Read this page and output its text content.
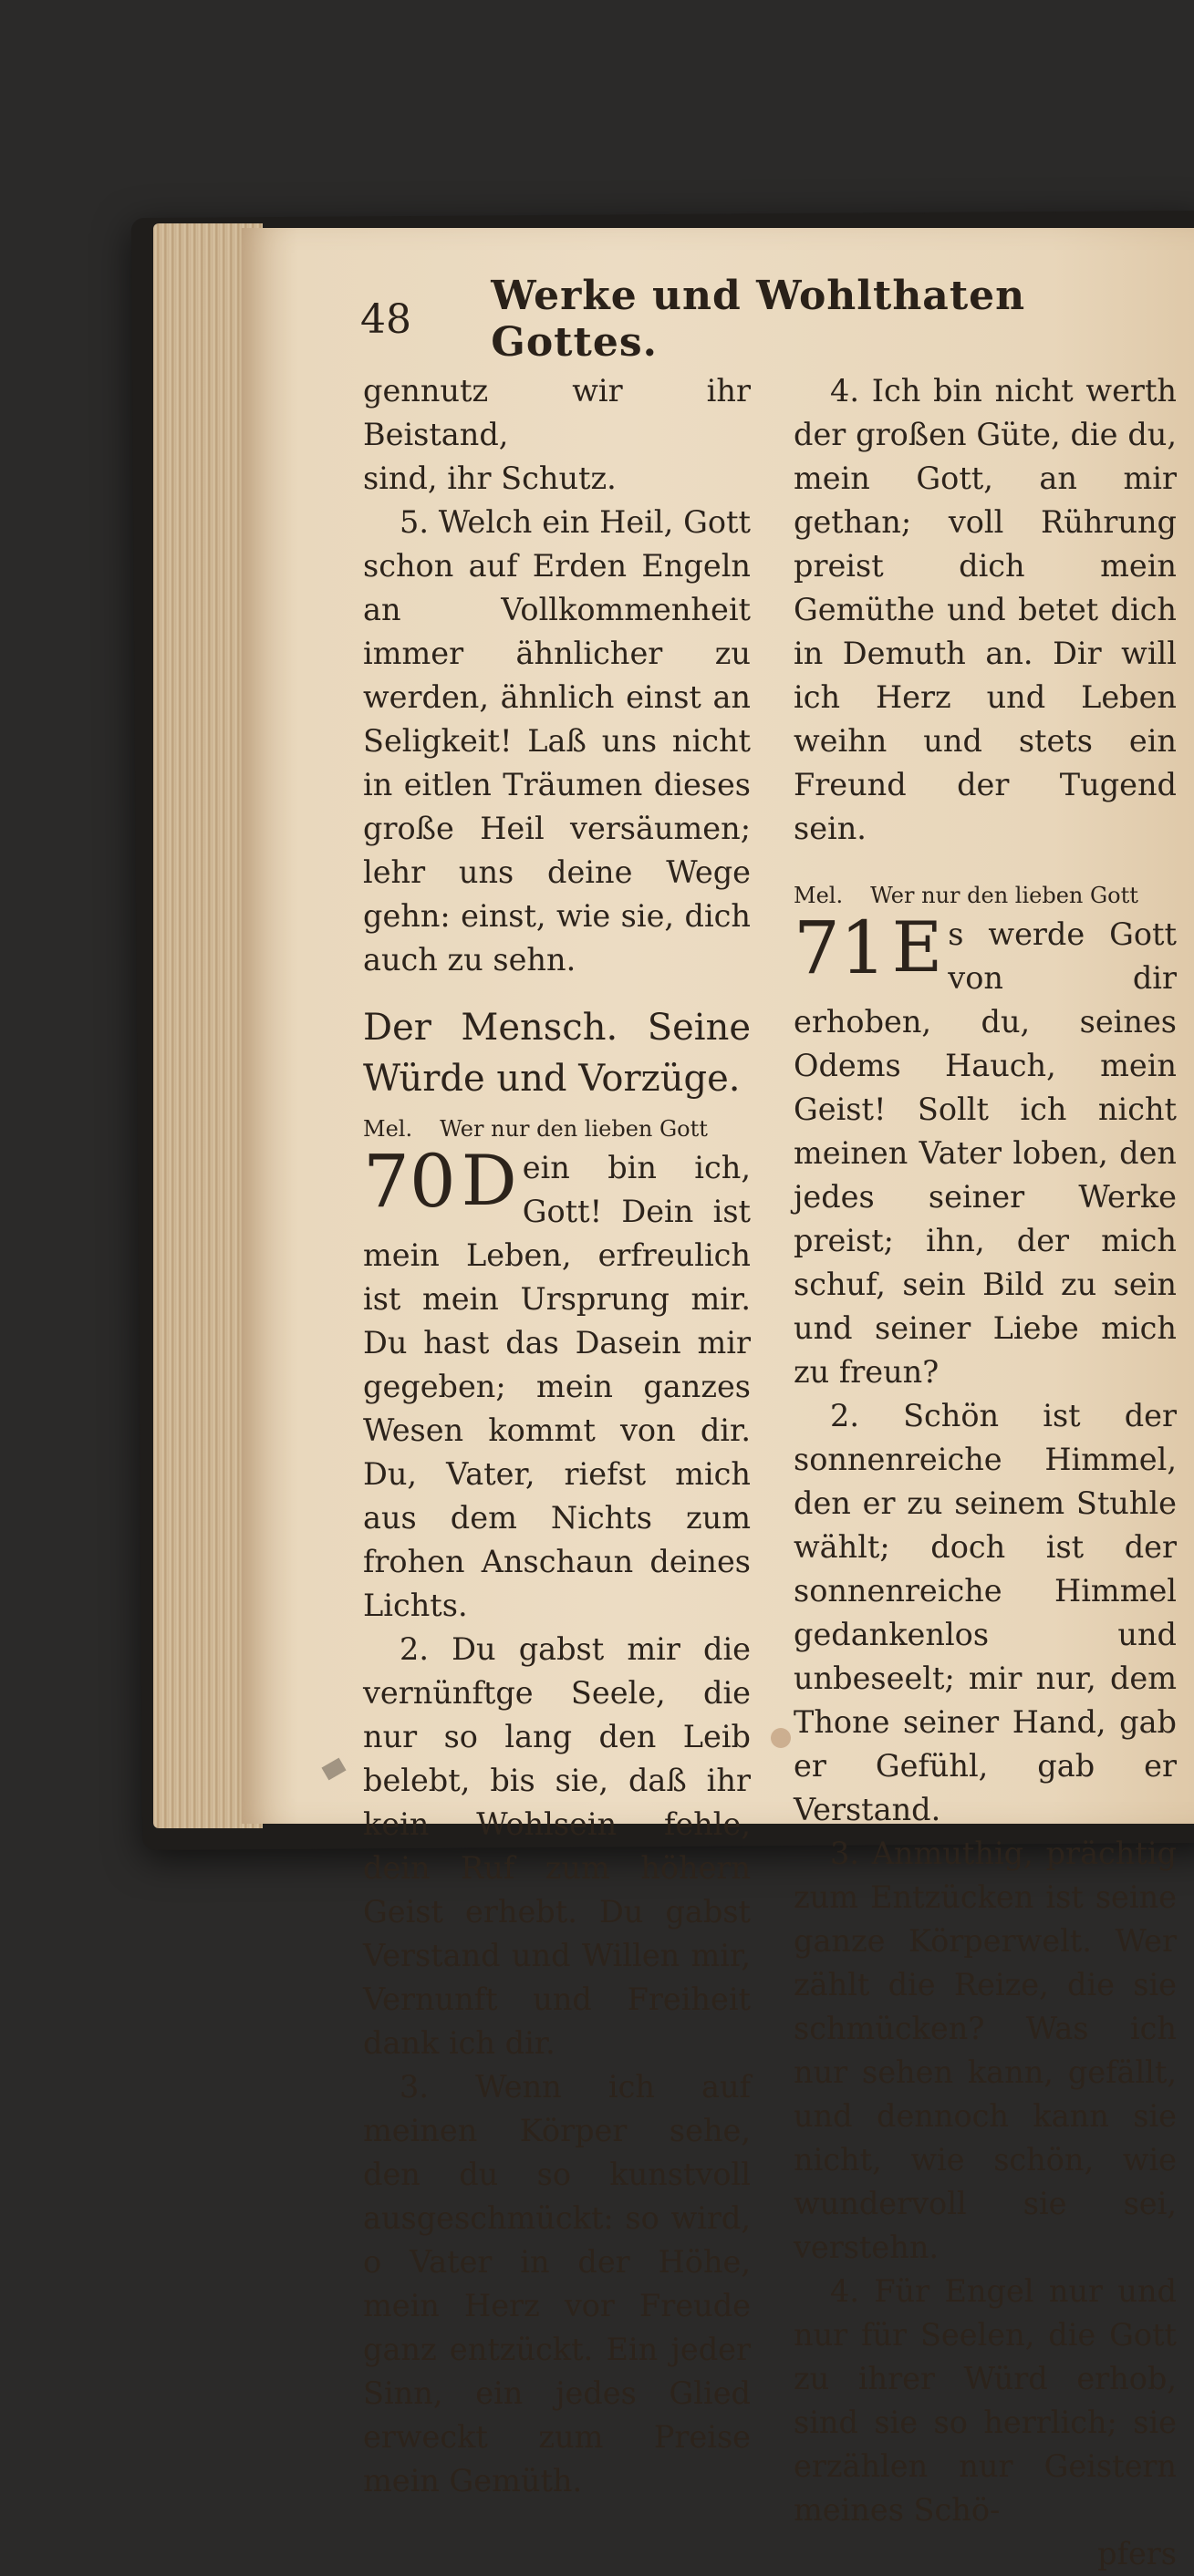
48	Werke und Wohlthaten Gottes.

gennutz wir ihr Beistand,

sind, ihr Schutz.

5. Welch ein Heil, Gott schon auf Erden Engeln an Vollkommenheit immer ähnlicher zu werden, ähnlich einst an Seligkeit! Laß uns nicht in eitlen Träumen dieses große Heil versäumen; lehr uns deine Wege gehn: einst, wie sie, dich auch zu sehn.

Der Mensch. Seine Würde und Vorzüge.

Mel. Wer nur den lieben Gott

70 D ein bin ich, Gott! Dein ist mein Leben, erfreulich ist mein Ursprung mir. Du hast das Dasein mir gegeben; mein ganzes Wesen kommt von dir. Du, Vater, riefst mich aus dem Nichts zum frohen Anschaun deines Lichts.

2. Du gabst mir die vernünftge Seele, die nur so lang den Leib belebt, bis sie, daß ihr kein Wohlsein fehle, dein Ruf zum höhern Geist erhebt. Du gabst Verstand und Willen mir, Vernunft und Freiheit dank ich dir.

3. Wenn ich auf meinen Körper sehe, den du so kunstvoll ausgeschmückt: so wird, o Vater in der Höhe, mein Herz vor Freude ganz entzückt. Ein jeder Sinn, ein jedes Glied erweckt zum Preise mein Gemüth.

4. Ich bin nicht werth der großen Güte, die du, mein Gott, an mir gethan; voll Rührung preist dich mein Gemüthe und betet dich in Demuth an. Dir will ich Herz und Leben weihn und stets ein Freund der Tugend sein.

Mel. Wer nur den lieben Gott

71 E s werde Gott von dir erhoben, du, seines Odems Hauch, mein Geist! Sollt ich nicht meinen Vater loben, den jedes seiner Werke preist; ihn, der mich schuf, sein Bild zu sein und seiner Liebe mich zu freun?

2. Schön ist der sonnenreiche Himmel, den er zu seinem Stuhle wählt; doch ist der sonnenreiche Himmel gedankenlos und unbeseelt; mir nur, dem Thone seiner Hand, gab er Gefühl, gab er Verstand.

3. Anmuthig, prächtig zum Entzücken ist seine ganze Körperwelt. Wer zählt die Reize, die sie schmücken? Was ich nur sehen kann, gefällt, und dennoch kann sie nicht, wie schön, wie wundervoll sie sei, verstehn.

4. Für Engel nur und nur für Seelen, die Gott zu ihrer Würd erhob, sind sie so herrlich; sie erzählen nur Geistern meines Schö-

pfers
